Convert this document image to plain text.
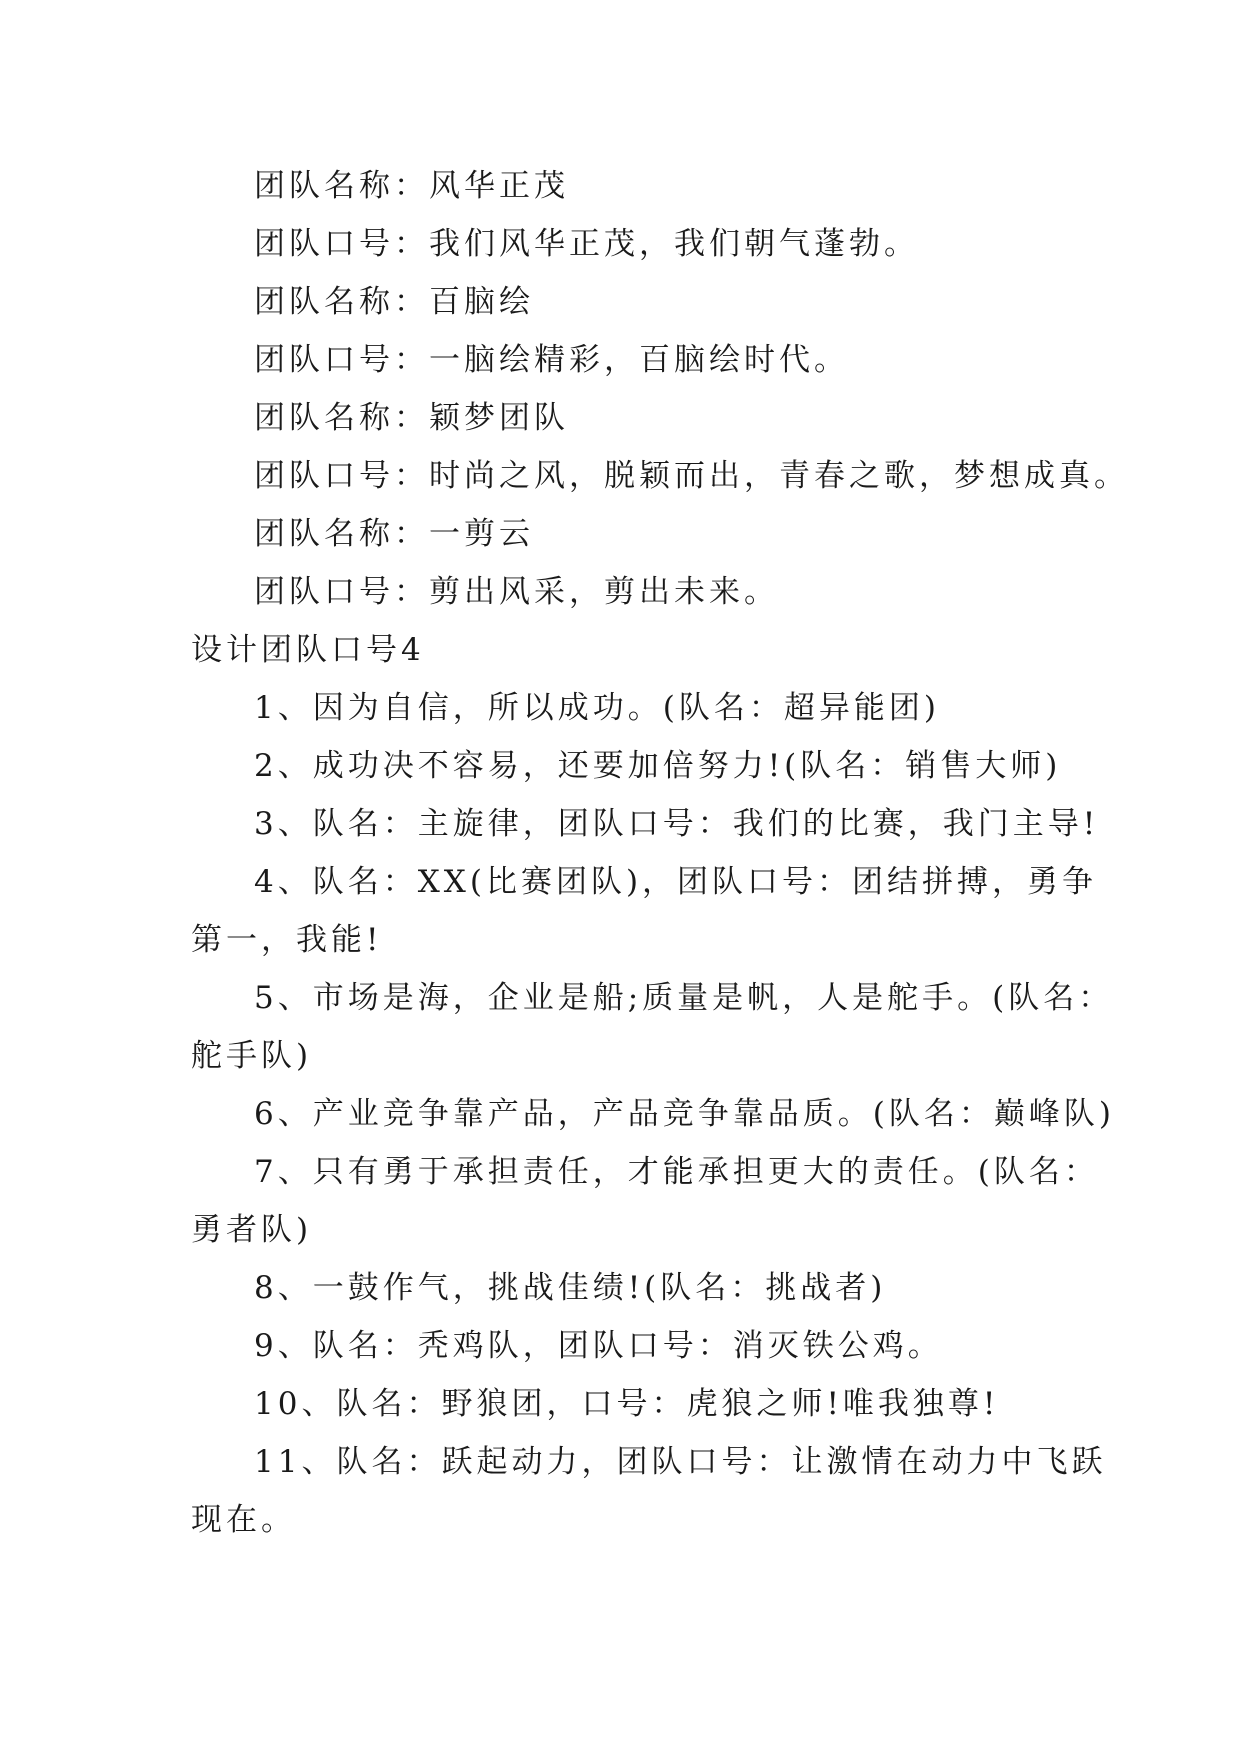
团队名称：风华正茂
团队口号：我们风华正茂，我们朝气蓬勃。
团队名称：百脑绘
团队口号：一脑绘精彩，百脑绘时代。
团队名称：颖梦团队
团队口号：时尚之风，脱颖而出，青春之歌，梦想成真。
团队名称：一剪云
团队口号：剪出风采，剪出未来。
设计团队口号4
1、因为自信，所以成功。(队名：超异能团)
2、成功决不容易，还要加倍努力!(队名：销售大师)
3、队名：主旋律，团队口号：我们的比赛，我门主导!
4、队名：XX(比赛团队)，团队口号：团结拼搏，勇争
第一，我能!
5、市场是海，企业是船;质量是帆，人是舵手。(队名：
舵手队)
6、产业竞争靠产品，产品竞争靠品质。(队名：巅峰队)
7、只有勇于承担责任，才能承担更大的责任。(队名：
勇者队)
8、一鼓作气，挑战佳绩!(队名：挑战者)
9、队名：秃鸡队，团队口号：消灭铁公鸡。
10、队名：野狼团，口号：虎狼之师!唯我独尊!
11、队名：跃起动力，团队口号：让激情在动力中飞跃
现在。
